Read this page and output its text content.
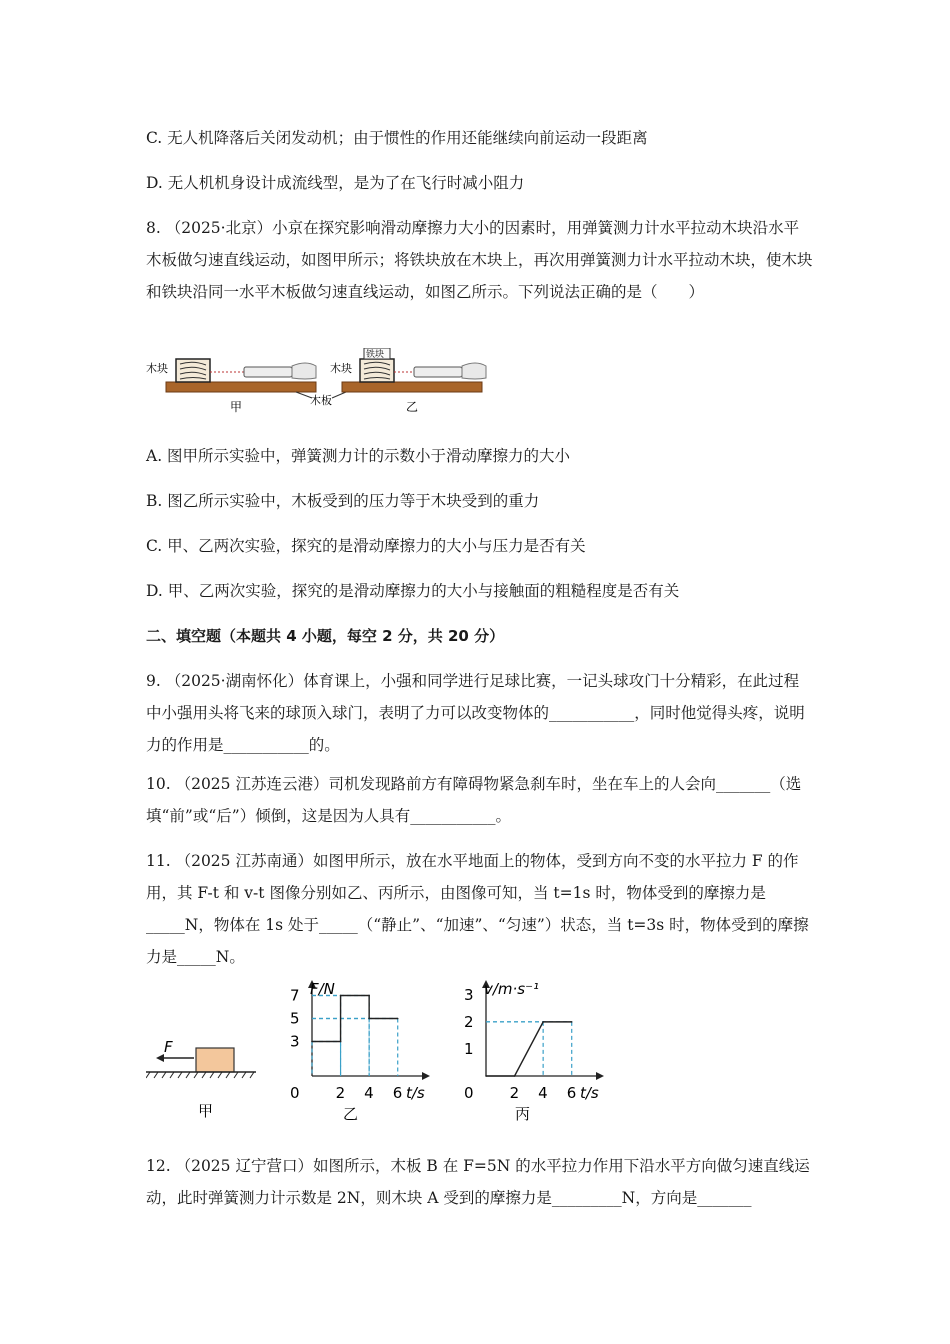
C. 无人机降落后关闭发动机；由于惯性的作用还能继续向前运动一段距离

D. 无人机机身设计成流线型，是为了在飞行时减小阻力

8. （2025·北京）小京在探究影响滑动摩擦力大小的因素时，用弹簧测力计水平拉动木块沿水平木板做匀速直线运动，如图甲所示；将铁块放在木块上，再次用弹簧测力计水平拉动木块，使木块和铁块沿同一水平木板做匀速直线运动，如图乙所示。下列说法正确的是（　　）

木块
甲	木板
铁块
木块
乙

A. 图甲所示实验中，弹簧测力计的示数小于滑动摩擦力的大小

B. 图乙所示实验中，木板受到的压力等于木块受到的重力

C. 甲、乙两次实验，探究的是滑动摩擦力的大小与压力是否有关

D. 甲、乙两次实验，探究的是滑动摩擦力的大小与接触面的粗糙程度是否有关

二、填空题（本题共 4 小题，每空 2 分，共 20 分）

9. （2025·湖南怀化）体育课上，小强和同学进行足球比赛，一记头球攻门十分精彩，在此过程中小强用头将飞来的球顶入球门，表明了力可以改变物体的___________，同时他觉得头疼，说明力的作用是___________的。

10. （2025 江苏连云港）司机发现路前方有障碍物紧急刹车时，坐在车上的人会向_______（选填“前”或“后”）倾倒，这是因为人具有___________。

11. （2025 江苏南通）如图甲所示，放在水平地面上的物体，受到方向不变的水平拉力 F 的作用，其 F-t 和 v-t 图像分别如乙、丙所示，由图像可知，当 t=1s 时，物体受到的摩擦力是_____N，物体在 1s 处于_____（“静止”、“加速”、“匀速”）状态，当 t=3s 时，物体受到的摩擦力是_____N。

F
甲	乙
F/N
t/s
0 2 4 6
3
5
7
丙
v/m·s⁻¹
t/s
0 2 4 6
1
2
3

12. （2025 辽宁营口）如图所示，木板 B 在 F=5N 的水平拉力作用下沿水平方向做匀速直线运动，此时弹簧测力计示数是 2N，则木块 A 受到的摩擦力是_________N，方向是_______
